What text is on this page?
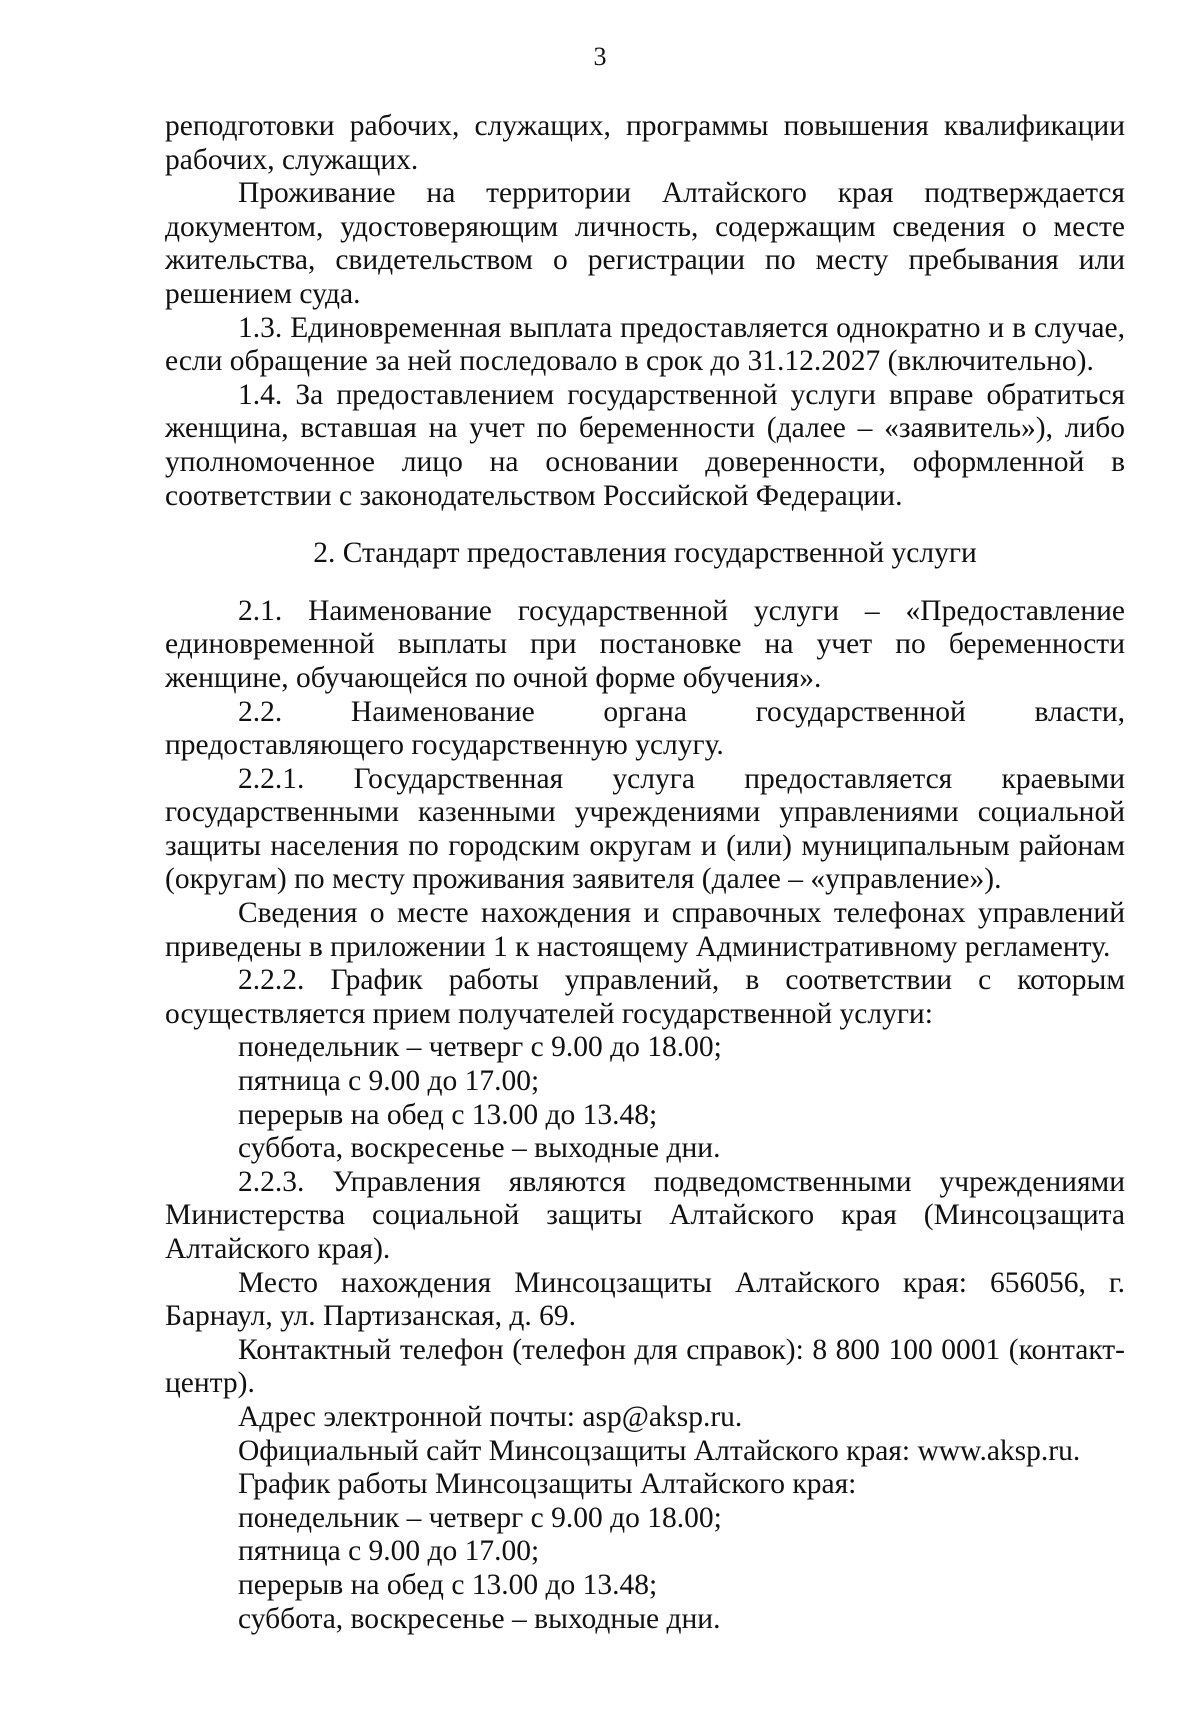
3

реподготовки рабочих, служащих, программы повышения квалификации рабочих, служащих.

Проживание на территории Алтайского края подтверждается документом, удостоверяющим личность, содержащим сведения о месте жительства, свидетельством о регистрации по месту пребывания или решением суда.

1.3. Единовременная выплата предоставляется однократно и в случае, если обращение за ней последовало в срок до 31.12.2027 (включительно).

1.4. За предоставлением государственной услуги вправе обратиться женщина, вставшая на учет по беременности (далее – «заявитель»), либо уполномоченное лицо на основании доверенности, оформленной в соответствии с законодательством Российской Федерации.

2. Стандарт предоставления государственной услуги

2.1. Наименование государственной услуги – «Предоставление единовременной выплаты при постановке на учет по беременности женщине, обучающейся по очной форме обучения».

2.2. Наименование органа государственной власти, предоставляющего государственную услугу.

2.2.1. Государственная услуга предоставляется краевыми государственными казенными учреждениями управлениями социальной защиты населения по городским округам и (или) муниципальным районам (округам) по месту проживания заявителя (далее – «управление»).

Сведения о месте нахождения и справочных телефонах управлений приведены в приложении 1 к настоящему Административному регламенту.

2.2.2. График работы управлений, в соответствии с которым осуществляется прием получателей государственной услуги:

понедельник – четверг с 9.00 до 18.00;

пятница с 9.00 до 17.00;

перерыв на обед с 13.00 до 13.48;

суббота, воскресенье – выходные дни.

2.2.3. Управления являются подведомственными учреждениями Министерства социальной защиты Алтайского края (Минсоцзащита Алтайского края).

Место нахождения Минсоцзащиты Алтайского края: 656056, г. Барнаул, ул. Партизанская, д. 69.

Контактный телефон (телефон для справок): 8 800 100 0001 (контакт-центр).

Адрес электронной почты: asp@aksp.ru.

Официальный сайт Минсоцзащиты Алтайского края: www.aksp.ru.

График работы Минсоцзащиты Алтайского края:

понедельник – четверг с 9.00 до 18.00;

пятница с 9.00 до 17.00;

перерыв на обед с 13.00 до 13.48;

суббота, воскресенье – выходные дни.
